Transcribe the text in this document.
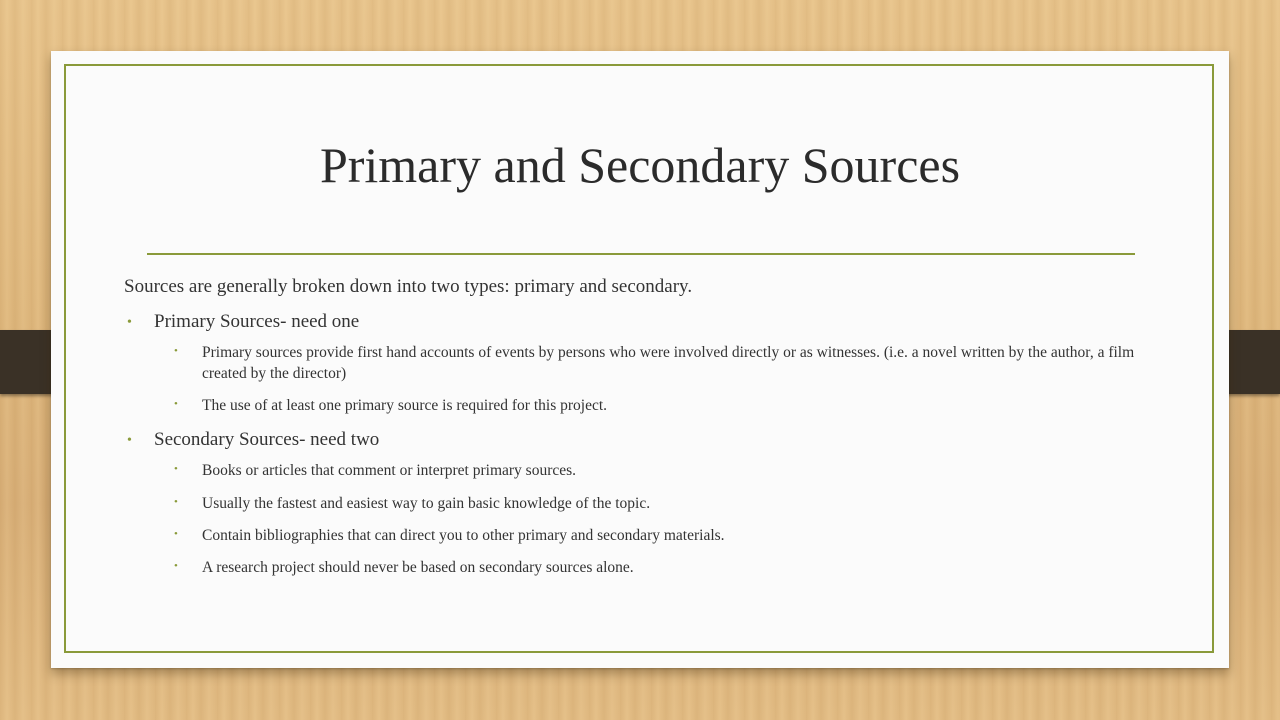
Primary and Secondary Sources

Sources are generally broken down into two types: primary and secondary.

• Primary Sources- need one
• Primary sources provide first hand accounts of events by persons who were involved directly or as witnesses. (i.e. a novel written by the author, a film created by the director)
• The use of at least one primary source is required for this project.
• Secondary Sources- need two
• Books or articles that comment or interpret primary sources.
• Usually the fastest and easiest way to gain basic knowledge of the topic.
• Contain bibliographies that can direct you to other primary and secondary materials.
• A research project should never be based on secondary sources alone.
